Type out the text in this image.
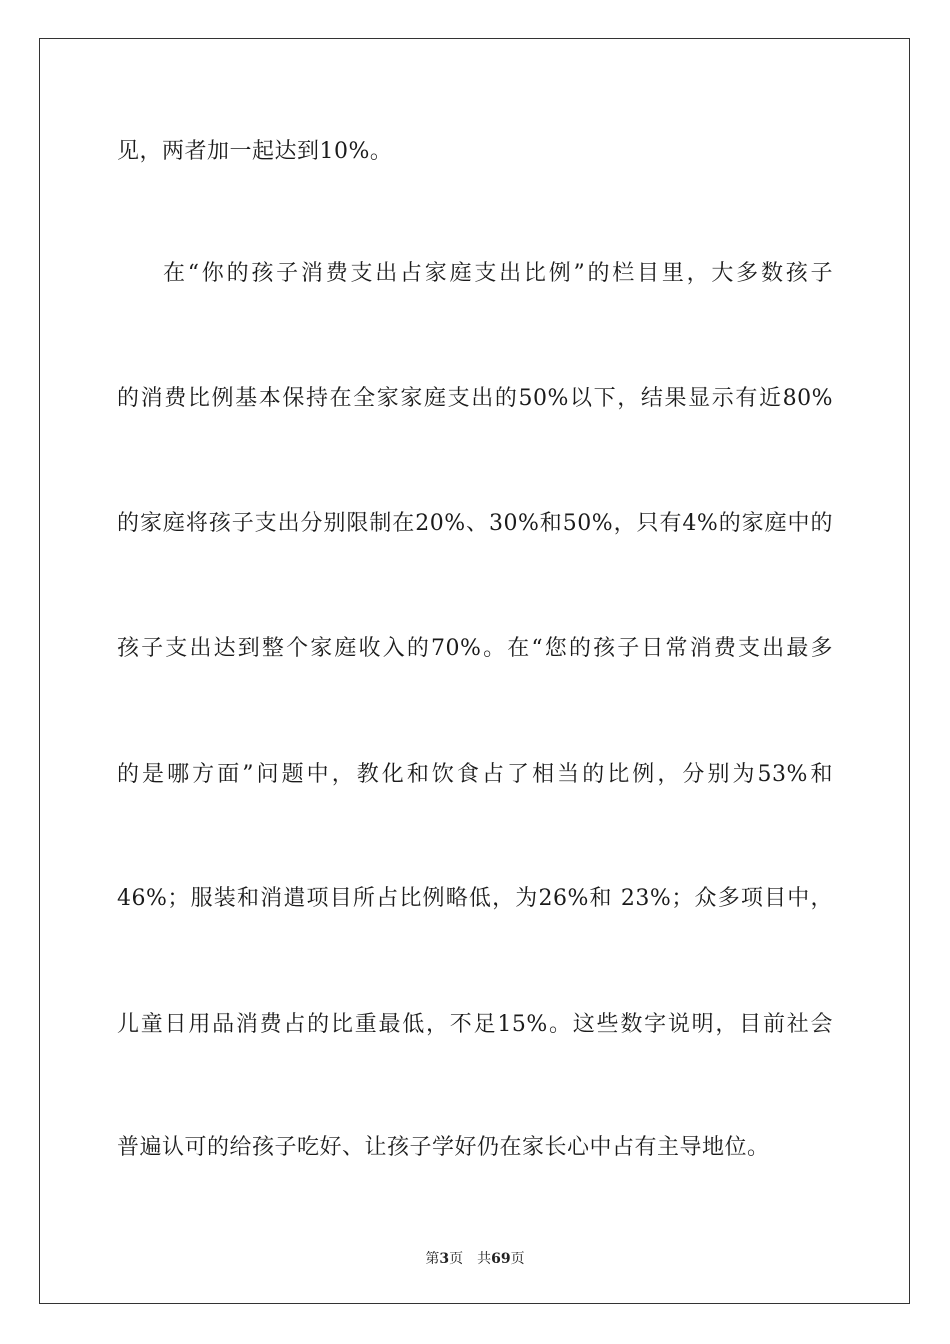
见，两者加一起达到10%。
在“你的孩子消费支出占家庭支出比例”的栏目里，大多数孩子
的消费比例基本保持在全家家庭支出的50%以下，结果显示有近80%
的家庭将孩子支出分别限制在20%、30%和50%，只有4%的家庭中的
孩子支出达到整个家庭收入的70%。在“您的孩子日常消费支出最多
的是哪方面”问题中，教化和饮食占了相当的比例，分别为53%和
46%；服装和消遣项目所占比例略低，为26%和 23%；众多项目中，
儿童日用品消费占的比重最低，不足15%。这些数字说明，目前社会
普遍认可的给孩子吃好、让孩子学好仍在家长心中占有主导地位。
第3页 共69页
